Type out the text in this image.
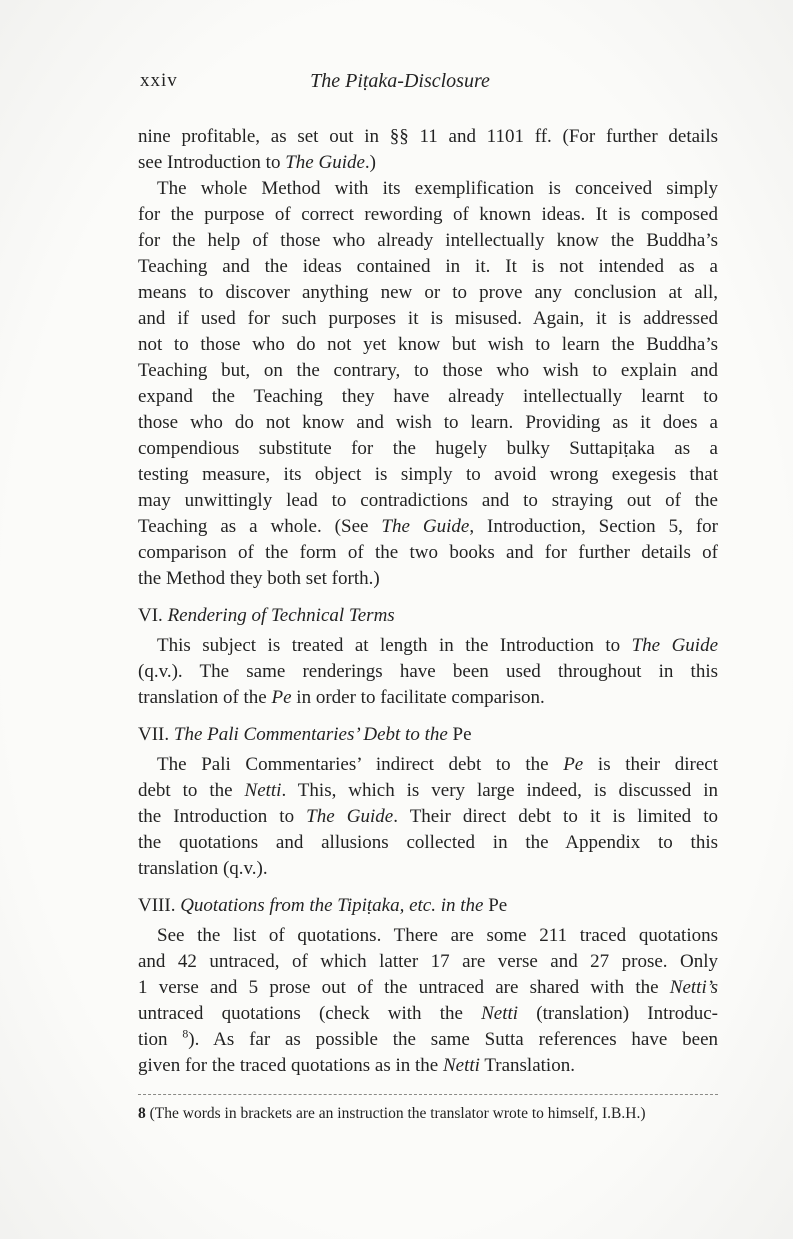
xxiv	The Piṭaka-Disclosure
nine profitable, as set out in §§ 11 and 1101 ff. (For further details
see Introduction to The Guide.)
The whole Method with its exemplification is conceived simply
for the purpose of correct rewording of known ideas. It is composed
for the help of those who already intellectually know the Buddha’s
Teaching and the ideas contained in it. It is not intended as a
means to discover anything new or to prove any conclusion at all,
and if used for such purposes it is misused. Again, it is addressed
not to those who do not yet know but wish to learn the Buddha’s
Teaching but, on the contrary, to those who wish to explain and
expand the Teaching they have already intellectually learnt to
those who do not know and wish to learn. Providing as it does a
compendious substitute for the hugely bulky Suttapiṭaka as a
testing measure, its object is simply to avoid wrong exegesis that
may unwittingly lead to contradictions and to straying out of the
Teaching as a whole. (See The Guide, Introduction, Section 5, for
comparison of the form of the two books and for further details of
the Method they both set forth.)
VI. Rendering of Technical Terms
This subject is treated at length in the Introduction to The Guide
(q.v.). The same renderings have been used throughout in this
translation of the Pe in order to facilitate comparison.
VII. The Pali Commentaries’ Debt to the Pe
The Pali Commentaries’ indirect debt to the Pe is their direct
debt to the Netti. This, which is very large indeed, is discussed in
the Introduction to The Guide. Their direct debt to it is limited to
the quotations and allusions collected in the Appendix to this
translation (q.v.).
VIII. Quotations from the Tipiṭaka, etc. in the Pe
See the list of quotations. There are some 211 traced quotations
and 42 untraced, of which latter 17 are verse and 27 prose. Only
1 verse and 5 prose out of the untraced are shared with the Netti’s
untraced quotations (check with the Netti (translation) Introduc-
tion $^8$). As far as possible the same Sutta references have been
given for the traced quotations as in the Netti Translation.
8 (The words in brackets are an instruction the translator wrote to himself, I.B.H.)
